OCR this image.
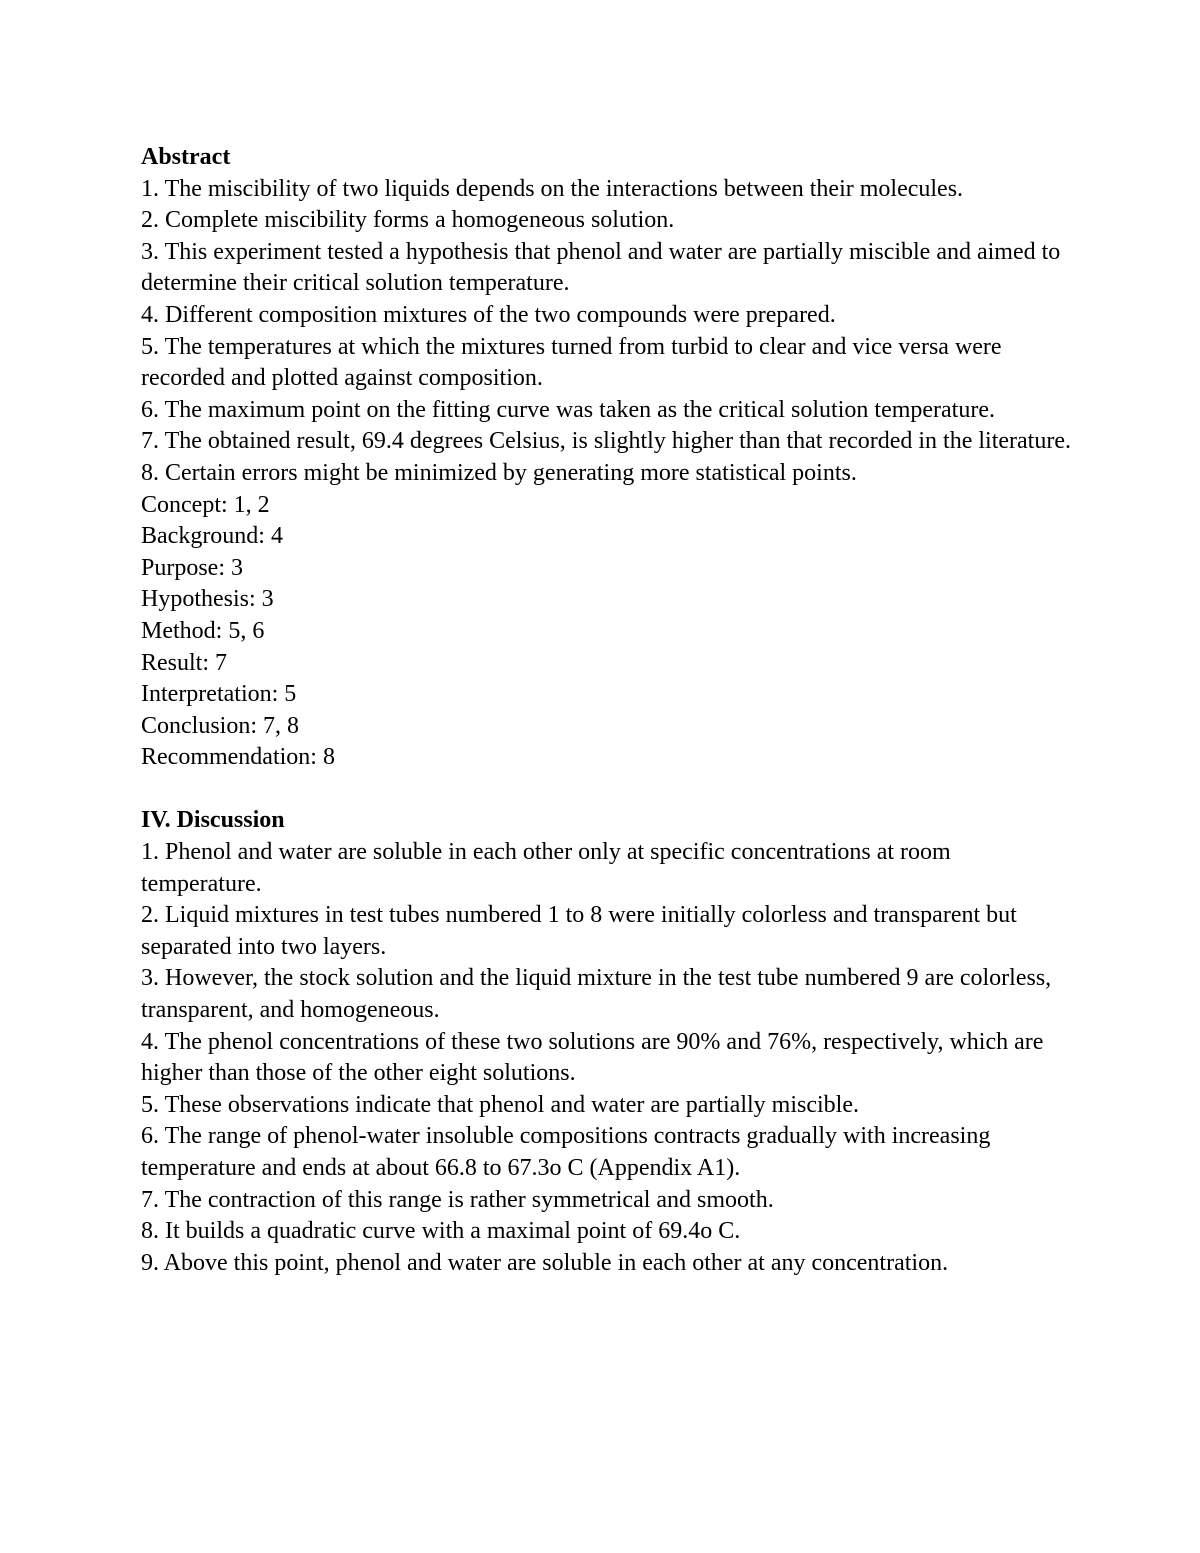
Abstract

1. The miscibility of two liquids depends on the interactions between their molecules.

2. Complete miscibility forms a homogeneous solution.

3. This experiment tested a hypothesis that phenol and water are partially miscible and aimed to determine their critical solution temperature.

4. Different composition mixtures of the two compounds were prepared.

5. The temperatures at which the mixtures turned from turbid to clear and vice versa were recorded and plotted against composition.

6. The maximum point on the fitting curve was taken as the critical solution temperature.

7. The obtained result, 69.4 degrees Celsius, is slightly higher than that recorded in the literature.

8. Certain errors might be minimized by generating more statistical points.

Concept: 1, 2

Background: 4

Purpose: 3

Hypothesis: 3

Method: 5, 6

Result: 7

Interpretation: 5

Conclusion: 7, 8

Recommendation: 8

IV. Discussion

1. Phenol and water are soluble in each other only at specific concentrations at room temperature.

2. Liquid mixtures in test tubes numbered 1 to 8 were initially colorless and transparent but separated into two layers.

3. However, the stock solution and the liquid mixture in the test tube numbered 9 are colorless, transparent, and homogeneous.

4. The phenol concentrations of these two solutions are 90% and 76%, respectively, which are higher than those of the other eight solutions.

5. These observations indicate that phenol and water are partially miscible.

6. The range of phenol-water insoluble compositions contracts gradually with increasing temperature and ends at about 66.8 to 67.3o C (Appendix A1).

7. The contraction of this range is rather symmetrical and smooth.

8. It builds a quadratic curve with a maximal point of 69.4o C.

9. Above this point, phenol and water are soluble in each other at any concentration.
